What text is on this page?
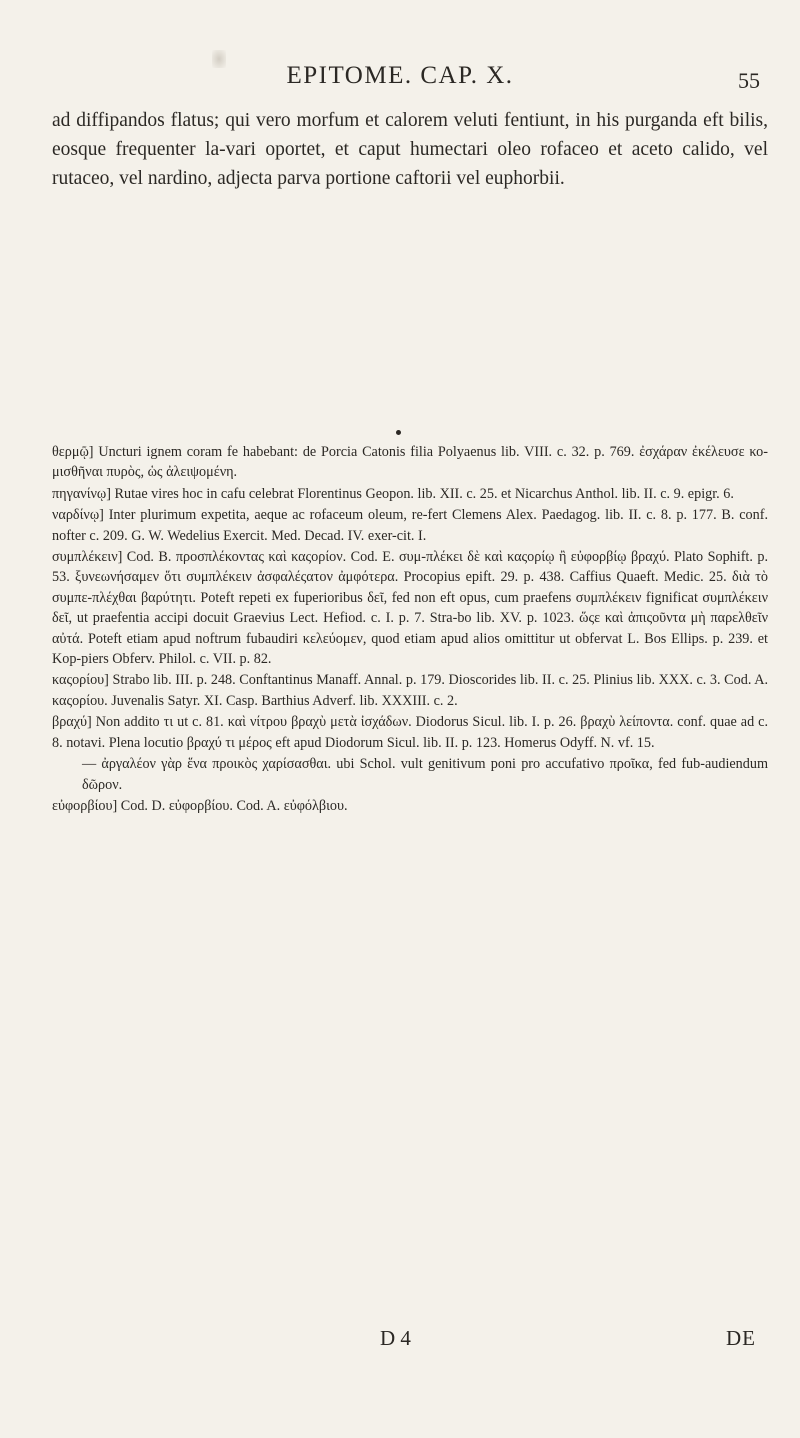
EPITOME. CAP. X.	55

ad diffipandos flatus; qui vero morfum et calorem veluti fentiunt, in his purganda eft bilis, eosque frequenter la-vari oportet, et caput humectari oleo rofaceo et aceto calido, vel rutaceo, vel nardino, adjecta parva portione caftorii vel euphorbii.

θερμῷ] Uncturi ignem coram fe habebant: de Porcia Catonis filia Polyaenus lib. VIII. c. 32. p. 769. ἐσχάραν ἐκέλευσε κο-μισθῆναι πυρὸς, ὡς ἀλειψομένη.

πηγανίνῳ] Rutae vires hoc in cafu celebrat Florentinus Geopon. lib. XII. c. 25. et Nicarchus Anthol. lib. II. c. 9. epigr. 6.

ναρδίνῳ] Inter plurimum expetita, aeque ac rofaceum oleum, re-fert Clemens Alex. Paedagog. lib. II. c. 8. p. 177. B. conf. nofter c. 209. G. W. Wedelius Exercit. Med. Decad. IV. exer-cit. I.

συμπλέκειν] Cod. B. προσπλέκοντας καὶ καςορίον. Cod. E. συμ-πλέκει δὲ καὶ καςορίῳ ἢ εὐφορβίῳ βραχύ. Plato Sophift. p. 53. ξυνεωνήσαμεν ὅτι συμπλέκειν ἀσφαλέςατον ἀμφότερα. Procopius epift. 29. p. 438. Caffius Quaeft. Medic. 25. διὰ τὸ συμπε-πλέχθαι βαρύτητι. Poteft repeti ex fuperioribus δεῖ, fed non eft opus, cum praefens συμπλέκειν fignificat συμπλέκειν δεῖ, ut praefentia accipi docuit Graevius Lect. Hefiod. c. I. p. 7. Stra-bo lib. XV. p. 1023. ὥςε καὶ ἀπιςοῦντα μὴ παρελθεῖν αὐτά. Poteft etiam apud noftrum fubaudiri κελεύομεν, quod etiam apud alios omittitur ut obfervat L. Bos Ellips. p. 239. et Kop-piers Obferv. Philol. c. VII. p. 82.

καςορίου] Strabo lib. III. p. 248. Conftantinus Manaff. Annal. p. 179. Dioscorides lib. II. c. 25. Plinius lib. XXX. c. 3. Cod. A. καςορίου. Juvenalis Satyr. XI. Casp. Barthius Adverf. lib. XXXIII. c. 2.

βραχύ] Non addito τι ut c. 81. καὶ νίτρου βραχὺ μετὰ ἰσχάδων. Diodorus Sicul. lib. I. p. 26. βραχὺ λείποντα. conf. quae ad c. 8. notavi. Plena locutio βραχύ τι μέρος eft apud Diodorum Sicul. lib. II. p. 123. Homerus Odyff. N. vf. 15.

— ἀργαλέον γὰρ ἕνα προικὸς χαρίσασθαι. ubi Schol. vult genitivum poni pro accufativo προῖκα, fed fub-audiendum δῶρον.

εὐφορβίου] Cod. D. εὐφορβίου. Cod. A. εὐφόλβιου.

D 4	DE
